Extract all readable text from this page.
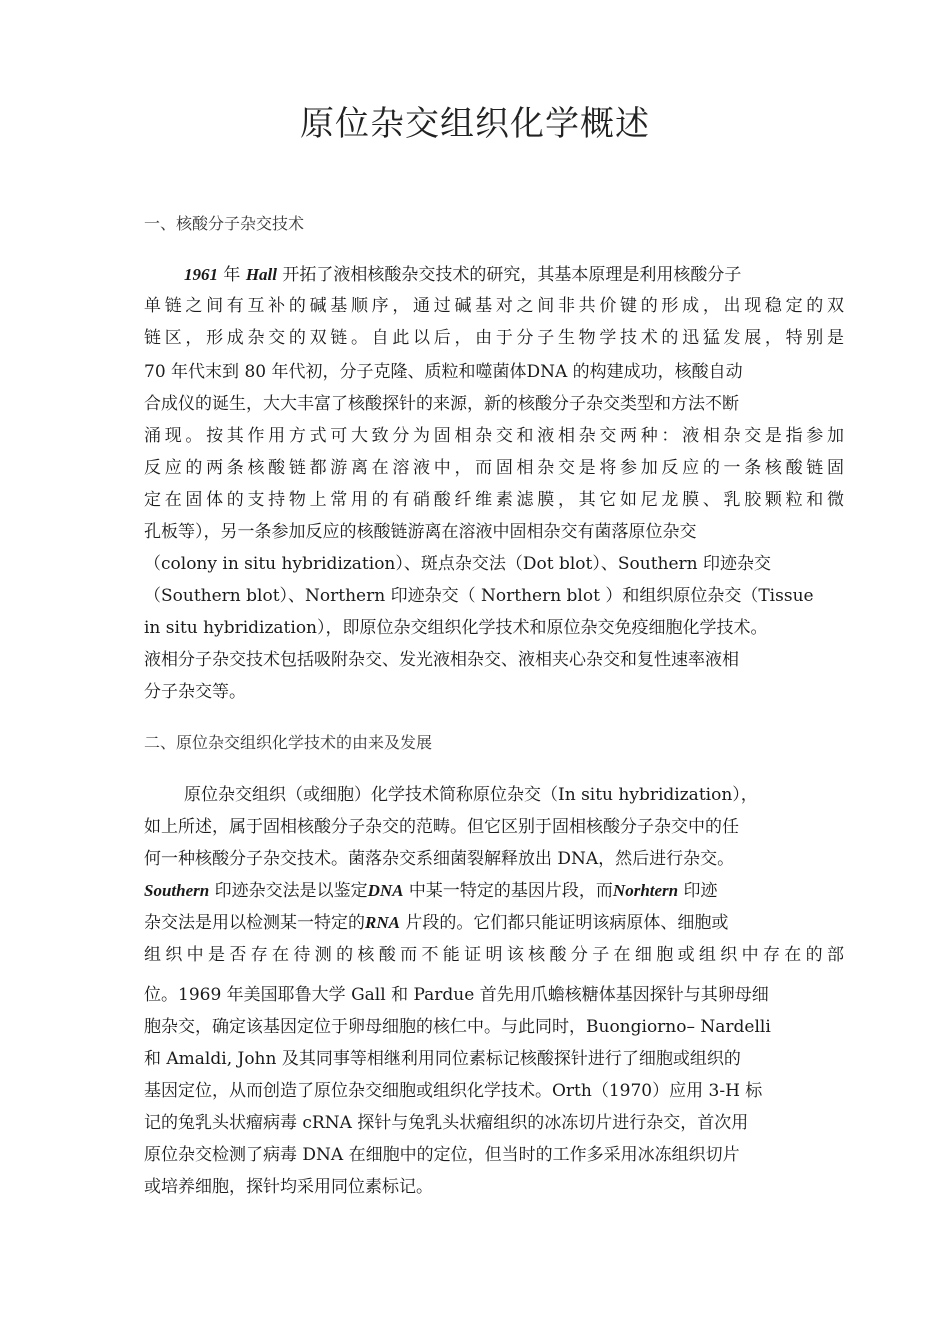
原位杂交组织化学概述
一、核酸分子杂交技术
1961 年 Hall 开拓了液相核酸杂交技术的研究，其基本原理是利用核酸分子
单链之间有互补的碱基顺序，通过碱基对之间非共价键的形成，出现稳定的双
链区，形成杂交的双链。自此以后，由于分子生物学技术的迅猛发展，特别是
70 年代末到 80 年代初，分子克隆、质粒和噬菌体DNA 的构建成功，核酸自动
合成仪的诞生，大大丰富了核酸探针的来源，新的核酸分子杂交类型和方法不断
涌现。按其作用方式可大致分为固相杂交和液相杂交两种：液相杂交是指参加
反应的两条核酸链都游离在溶液中，而固相杂交是将参加反应的一条核酸链固
定在固体的支持物上常用的有硝酸纤维素滤膜，其它如尼龙膜、乳胶颗粒和微
孔板等），另一条参加反应的核酸链游离在溶液中固相杂交有菌落原位杂交
（colony in situ hybridization）、斑点杂交法（Dot blot）、Southern 印迹杂交
（Southern blot）、Northern 印迹杂交（ Northern blot ）和组织原位杂交（Tissue
in situ hybridization），即原位杂交组织化学技术和原位杂交免疫细胞化学技术。
液相分子杂交技术包括吸附杂交、发光液相杂交、液相夹心杂交和复性速率液相
分子杂交等。
二、原位杂交组织化学技术的由来及发展
原位杂交组织（或细胞）化学技术简称原位杂交（In situ hybridization），
如上所述，属于固相核酸分子杂交的范畴。但它区别于固相核酸分子杂交中的任
何一种核酸分子杂交技术。菌落杂交系细菌裂解释放出 DNA，然后进行杂交。
Southern 印迹杂交法是以鉴定DNA 中某一特定的基因片段，而Norhtern 印迹
杂交法是用以检测某一特定的RNA 片段的。它们都只能证明该病原体、细胞或
组织中是否存在待测的核酸而不能证明该核酸分子在细胞或组织中存在的部
位。1969 年美国耶鲁大学 Gall 和 Pardue 首先用爪蟾核糖体基因探针与其卵母细
胞杂交，确定该基因定位于卵母细胞的核仁中。与此同时，Buongiorno– Nardelli
和 Amaldi, John 及其同事等相继利用同位素标记核酸探针进行了细胞或组织的
基因定位，从而创造了原位杂交细胞或组织化学技术。Orth（1970）应用 3-H 标
记的兔乳头状瘤病毒 cRNA 探针与兔乳头状瘤组织的冰冻切片进行杂交，首次用
原位杂交检测了病毒 DNA 在细胞中的定位，但当时的工作多采用冰冻组织切片
或培养细胞，探针均采用同位素标记。
